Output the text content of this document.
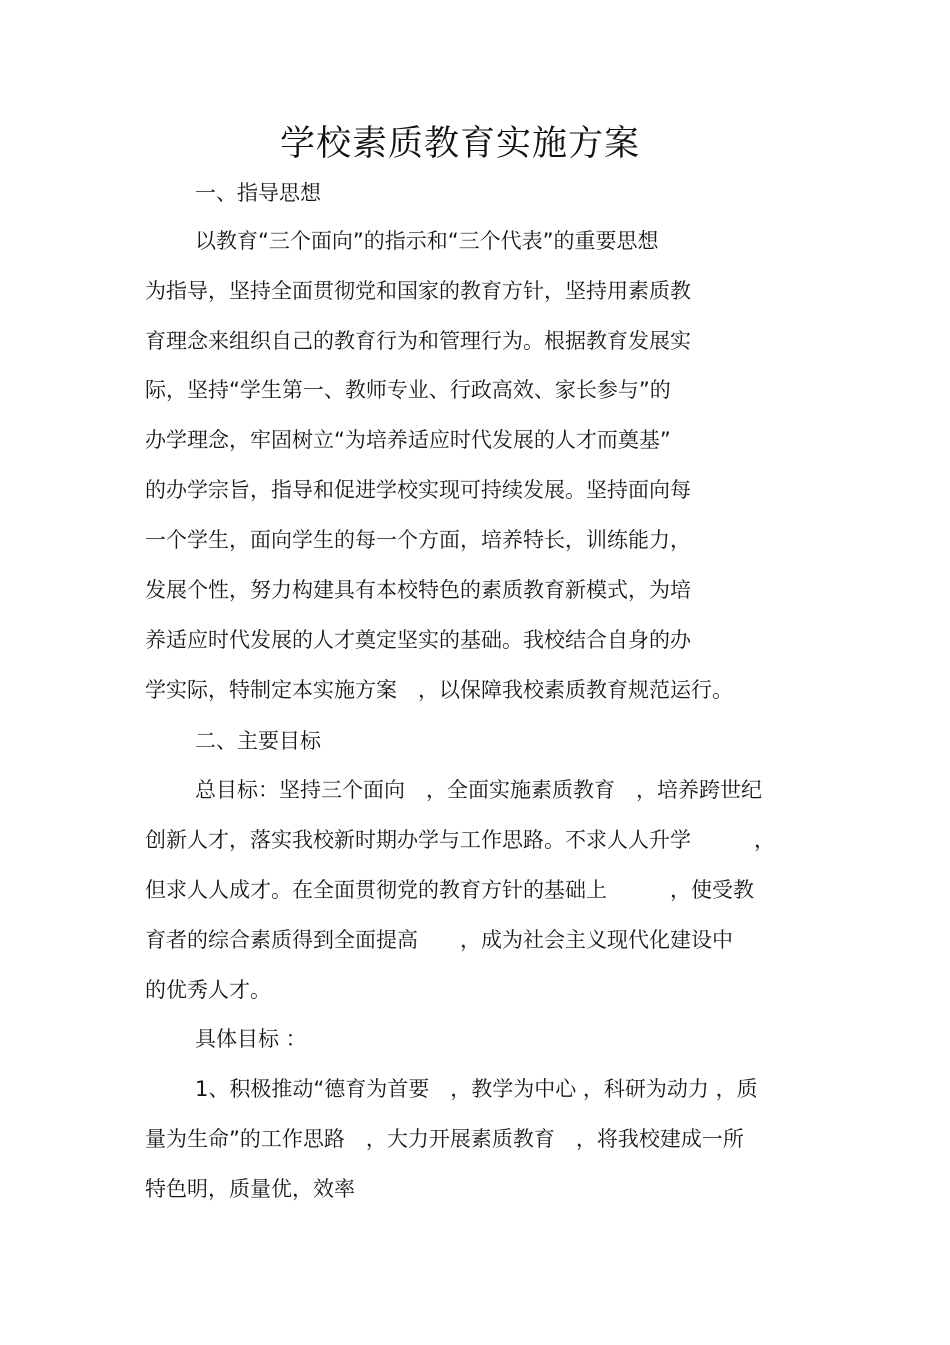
学校素质教育实施方案
一、指导思想
以教育“三个面向”的指示和“三个代表”的重要思想
为指导，坚持全面贯彻党和国家的教育方针，坚持用素质教
育理念来组织自己的教育行为和管理行为。根据教育发展实
际，坚持“学生第一、教师专业、行政高效、家长参与”的
办学理念，牢固树立“为培养适应时代发展的人才而奠基”
的办学宗旨，指导和促进学校实现可持续发展。坚持面向每
一个学生，面向学生的每一个方面，培养特长，训练能力，
发展个性，努力构建具有本校特色的素质教育新模式，为培
养适应时代发展的人才奠定坚实的基础。我校结合自身的办
学实际，特制定本实施方案　，以保障我校素质教育规范运行。
二、主要目标
总目标：坚持三个面向　，全面实施素质教育　，培养跨世纪
创新人才，落实我校新时期办学与工作思路。不求人人升学　　　，
但求人人成才。在全面贯彻党的教育方针的基础上　　　，使受教
育者的综合素质得到全面提高　　，成为社会主义现代化建设中
的优秀人才。
具体目标 ：
1、积极推动“德育为首要　，教学为中心 ，科研为动力 ，质
量为生命”的工作思路　，大力开展素质教育　，将我校建成一所
特色明，质量优，效率
